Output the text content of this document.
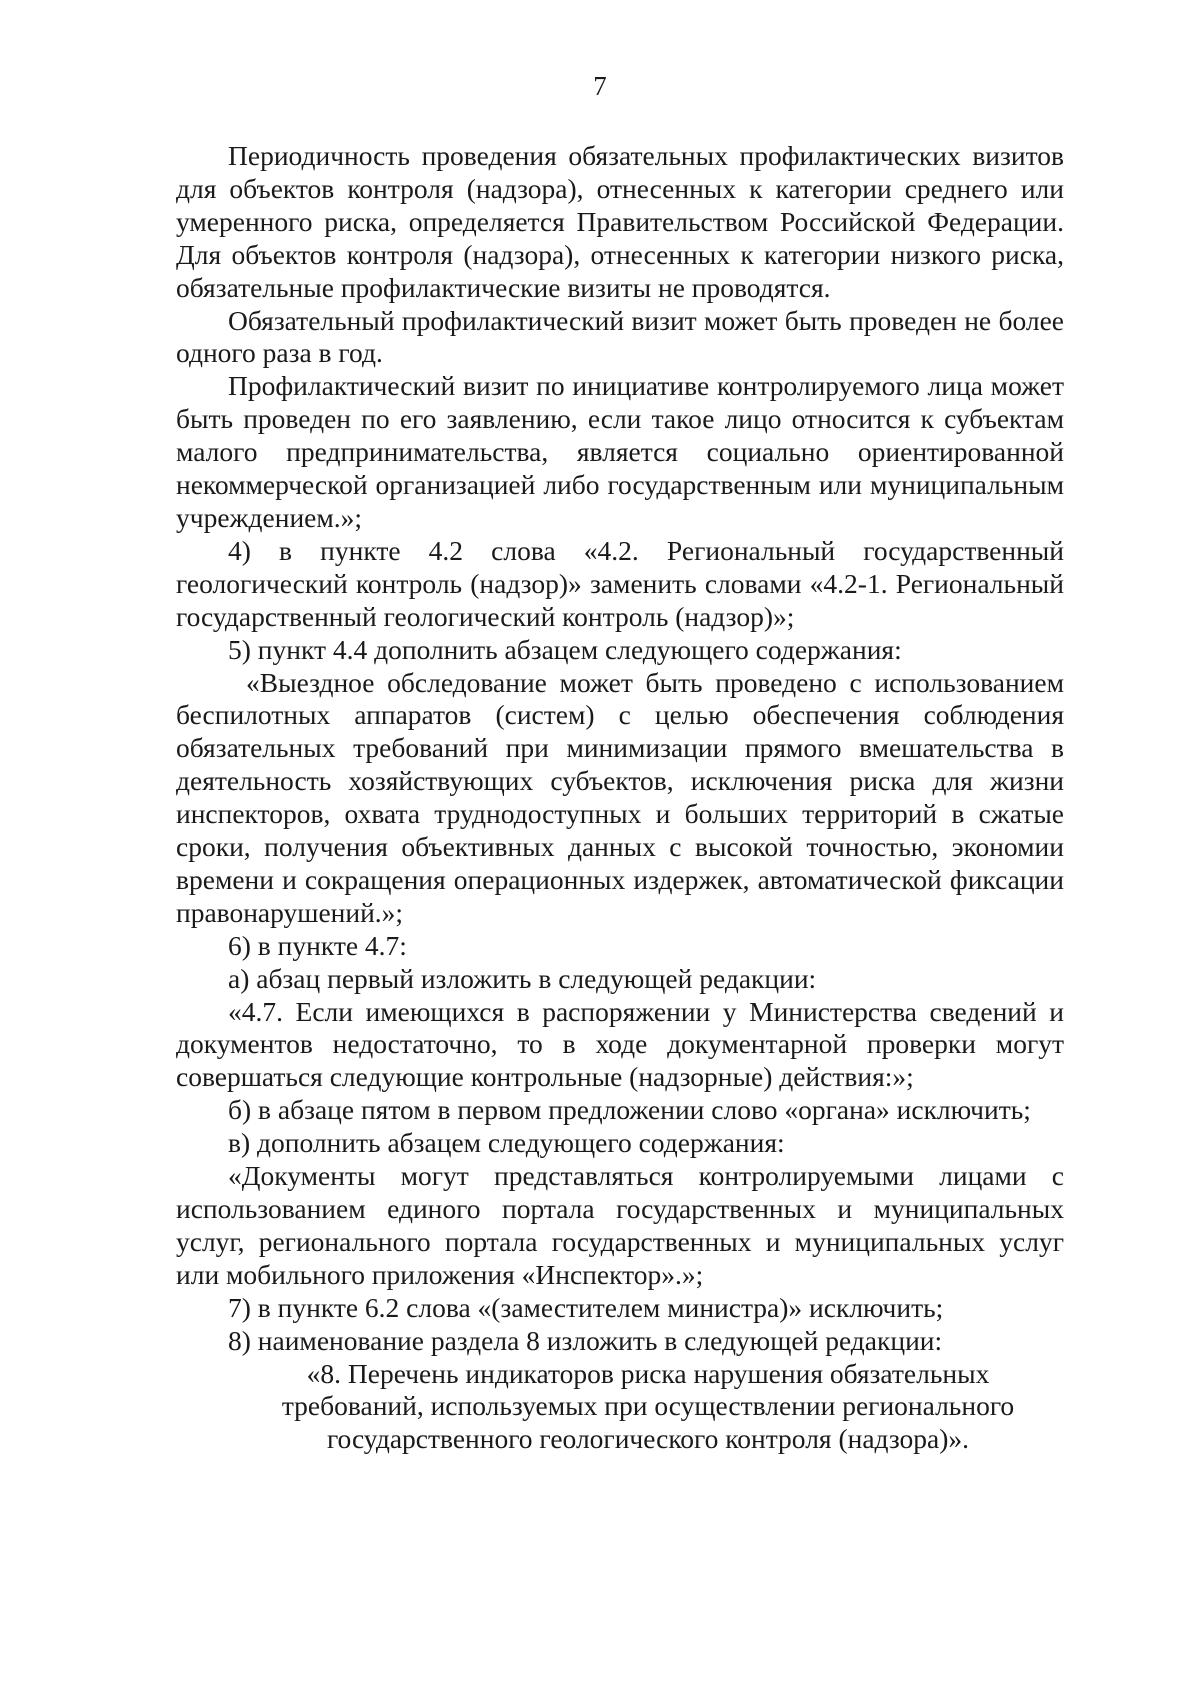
7

Периодичность проведения обязательных профилактических визитов для объектов контроля (надзора), отнесенных к категории среднего или умеренного риска, определяется Правительством Российской Федерации. Для объектов контроля (надзора), отнесенных к категории низкого риска, обязательные профилактические визиты не проводятся.

Обязательный профилактический визит может быть проведен не более одного раза в год.

Профилактический визит по инициативе контролируемого лица может быть проведен по его заявлению, если такое лицо относится к субъектам малого предпринимательства, является социально ориентированной некоммерческой организацией либо государственным или муниципальным учреждением.»;

4) в пункте 4.2 слова «4.2. Региональный государственный геологический контроль (надзор)» заменить словами «4.2-1. Региональный государственный геологический контроль (надзор)»;

5) пункт 4.4 дополнить абзацем следующего содержания:

«Выездное обследование может быть проведено с использованием беспилотных аппаратов (систем) с целью обеспечения соблюдения обязательных требований при минимизации прямого вмешательства в деятельность хозяйствующих субъектов, исключения риска для жизни инспекторов, охвата труднодоступных и больших территорий в сжатые сроки, получения объективных данных с высокой точностью, экономии времени и сокращения операционных издержек, автоматической фиксации правонарушений.»;

6) в пункте 4.7:

а) абзац первый изложить в следующей редакции:

«4.7. Если имеющихся в распоряжении у Министерства сведений и документов недостаточно, то в ходе документарной проверки могут совершаться следующие контрольные (надзорные) действия:»;

б) в абзаце пятом в первом предложении слово «органа» исключить;

в) дополнить абзацем следующего содержания:

«Документы могут представляться контролируемыми лицами с использованием единого портала государственных и муниципальных услуг, регионального портала государственных и муниципальных услуг или мобильного приложения «Инспектор».»;

7) в пункте 6.2 слова «(заместителем министра)» исключить;

8) наименование раздела 8 изложить в следующей редакции:

«8. Перечень индикаторов риска нарушения обязательных
требований, используемых при осуществлении регионального
государственного геологического контроля (надзора)».
